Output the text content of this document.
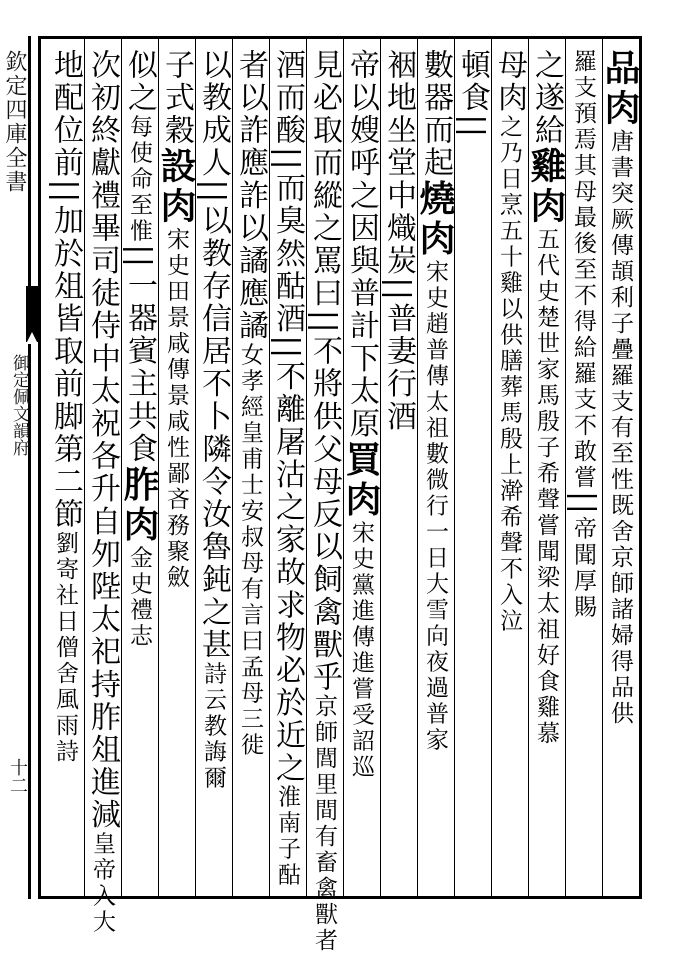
欽定四庫全書
御定佩文韻府
十二
品肉唐書突厥傳頡利子疊羅支有至性既舍京師諸婦得品供
羅支預焉其母最後至不得給羅支不敢嘗||帝聞厚賜
之遂給雞肉五代史楚世家馬殷子希聲嘗聞梁太祖好食雞慕
母肉之乃日烹五十雞以供膳葬馬殷上澣希聲不入泣
頓食||
數器而起燒肉宋史趙普傳太祖數微行一日大雪向夜過普家
裀地坐堂中熾炭||普妻行酒
帝以嫂呼之因與普計下太原買肉宋史黨進傳進嘗受詔巡
見必取而縱之罵曰||不將供父母反以飼禽獸乎京師閭里間有畜禽獸者
酒而酸||而臭然酤酒||不離屠沽之家故求物必於近之淮南子酤
者以詐應詐以譎應譎女孝經皇甫士安叔母有言曰孟母三徙
以教成人||以教存信居不卜隣令汝魯鈍之甚詩云教誨爾
子式穀設肉宋史田景咸傳景咸性鄙吝務聚斂
似之每使命至惟||一器賓主共食胙肉金史禮志
次初終獻禮畢司徒侍中太祝各升自夘陛太祀持胙俎進減皇帝入大
地配位前||加於俎皆取前脚第二節劉寄社日僧舍風雨詩
